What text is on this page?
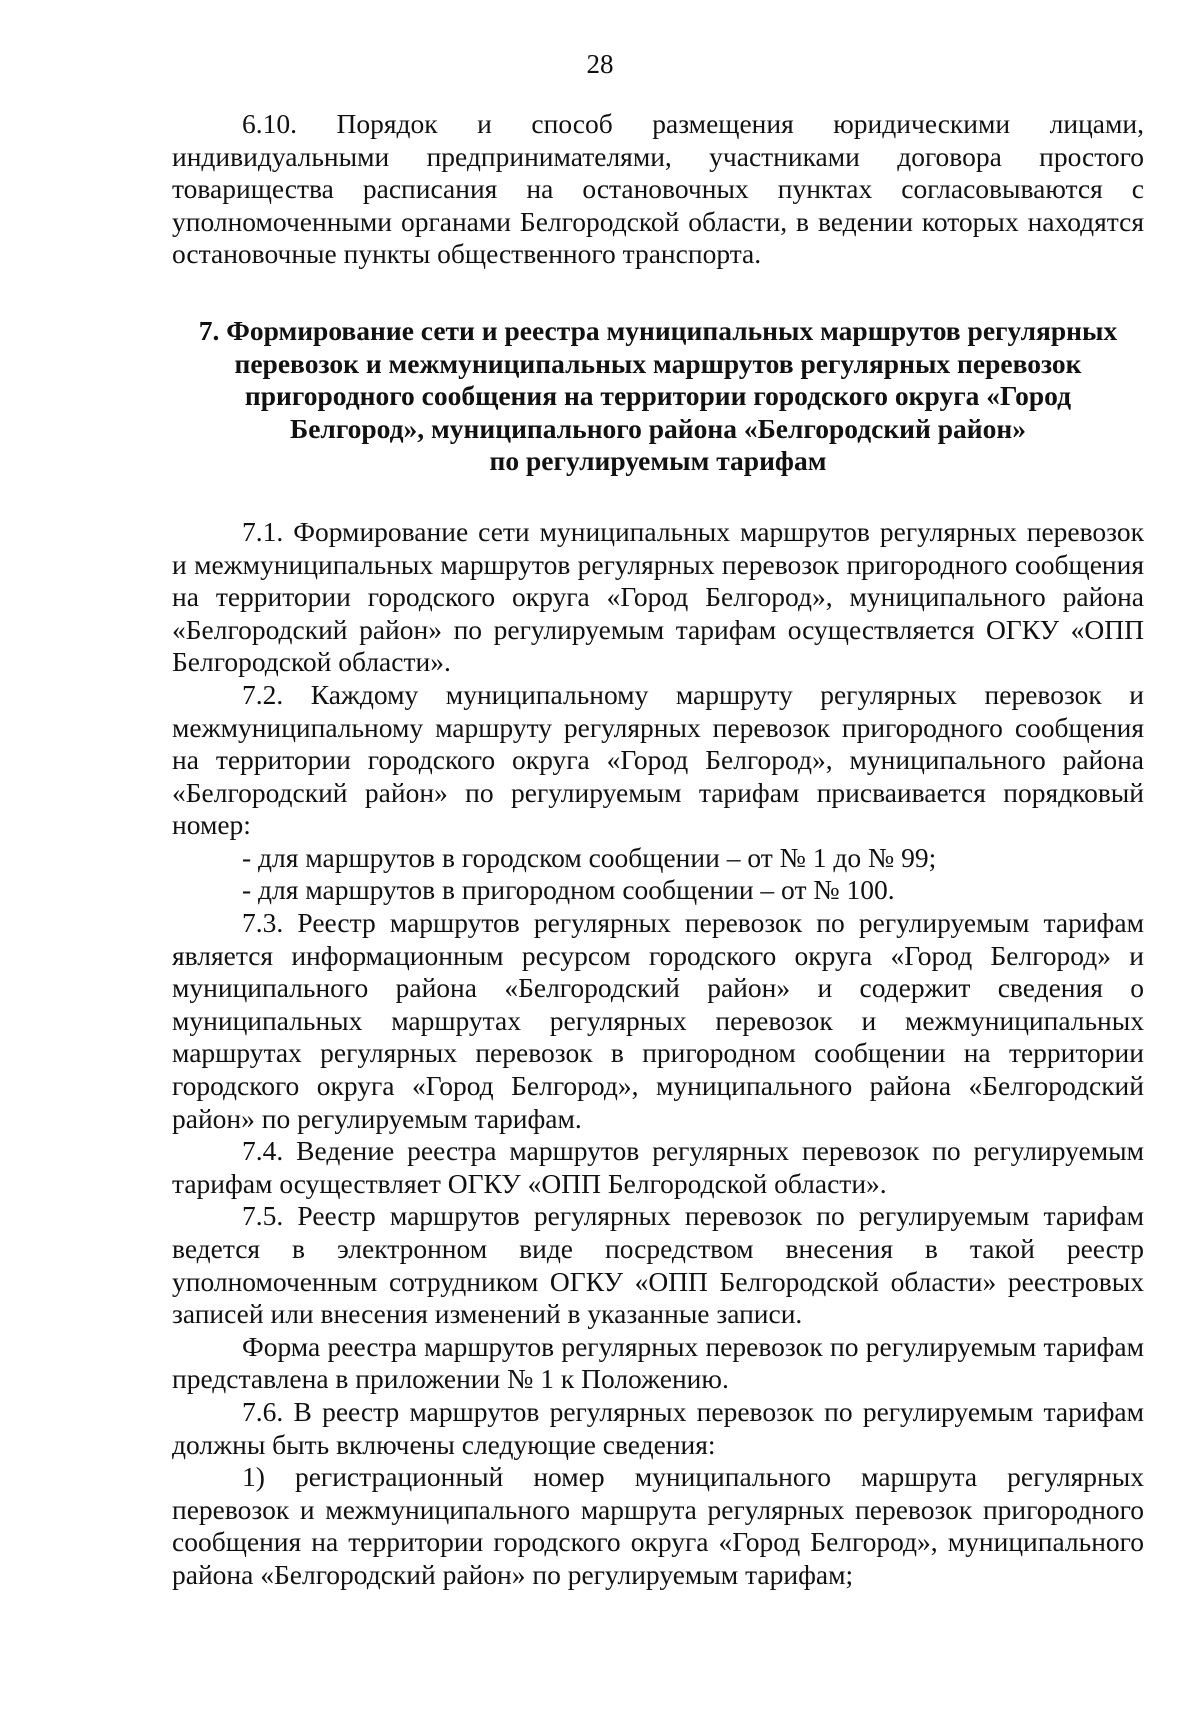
28

6.10. Порядок и способ размещения юридическими лицами, индивидуальными предпринимателями, участниками договора простого товарищества расписания на остановочных пунктах согласовываются с уполномоченными органами Белгородской области, в ведении которых находятся остановочные пункты общественного транспорта.

7. Формирование сети и реестра муниципальных маршрутов регулярных
перевозок и межмуниципальных маршрутов регулярных перевозок
пригородного сообщения на территории городского округа «Город
Белгород», муниципального района «Белгородский район»
по регулируемым тарифам

7.1. Формирование сети муниципальных маршрутов регулярных перевозок и межмуниципальных маршрутов регулярных перевозок пригородного сообщения на территории городского округа «Город Белгород», муниципального района «Белгородский район» по регулируемым тарифам осуществляется ОГКУ «ОПП Белгородской области».

7.2. Каждому муниципальному маршруту регулярных перевозок и межмуниципальному маршруту регулярных перевозок пригородного сообщения на территории городского округа «Город Белгород», муниципального района «Белгородский район» по регулируемым тарифам присваивается порядковый номер:

- для маршрутов в городском сообщении – от № 1 до № 99;

- для маршрутов в пригородном сообщении – от № 100.

7.3. Реестр маршрутов регулярных перевозок по регулируемым тарифам является информационным ресурсом городского округа «Город Белгород» и муниципального района «Белгородский район» и содержит сведения о муниципальных маршрутах регулярных перевозок и межмуниципальных маршрутах регулярных перевозок в пригородном сообщении на территории городского округа «Город Белгород», муниципального района «Белгородский район» по регулируемым тарифам.

7.4. Ведение реестра маршрутов регулярных перевозок по регулируемым тарифам осуществляет ОГКУ «ОПП Белгородской области».

7.5. Реестр маршрутов регулярных перевозок по регулируемым тарифам ведется в электронном виде посредством внесения в такой реестр уполномоченным сотрудником ОГКУ «ОПП Белгородской области» реестровых записей или внесения изменений в указанные записи.

Форма реестра маршрутов регулярных перевозок по регулируемым тарифам представлена в приложении № 1 к Положению.

7.6. В реестр маршрутов регулярных перевозок по регулируемым тарифам должны быть включены следующие сведения:

1) регистрационный номер муниципального маршрута регулярных перевозок и межмуниципального маршрута регулярных перевозок пригородного сообщения на территории городского округа «Город Белгород», муниципального района «Белгородский район» по регулируемым тарифам;
